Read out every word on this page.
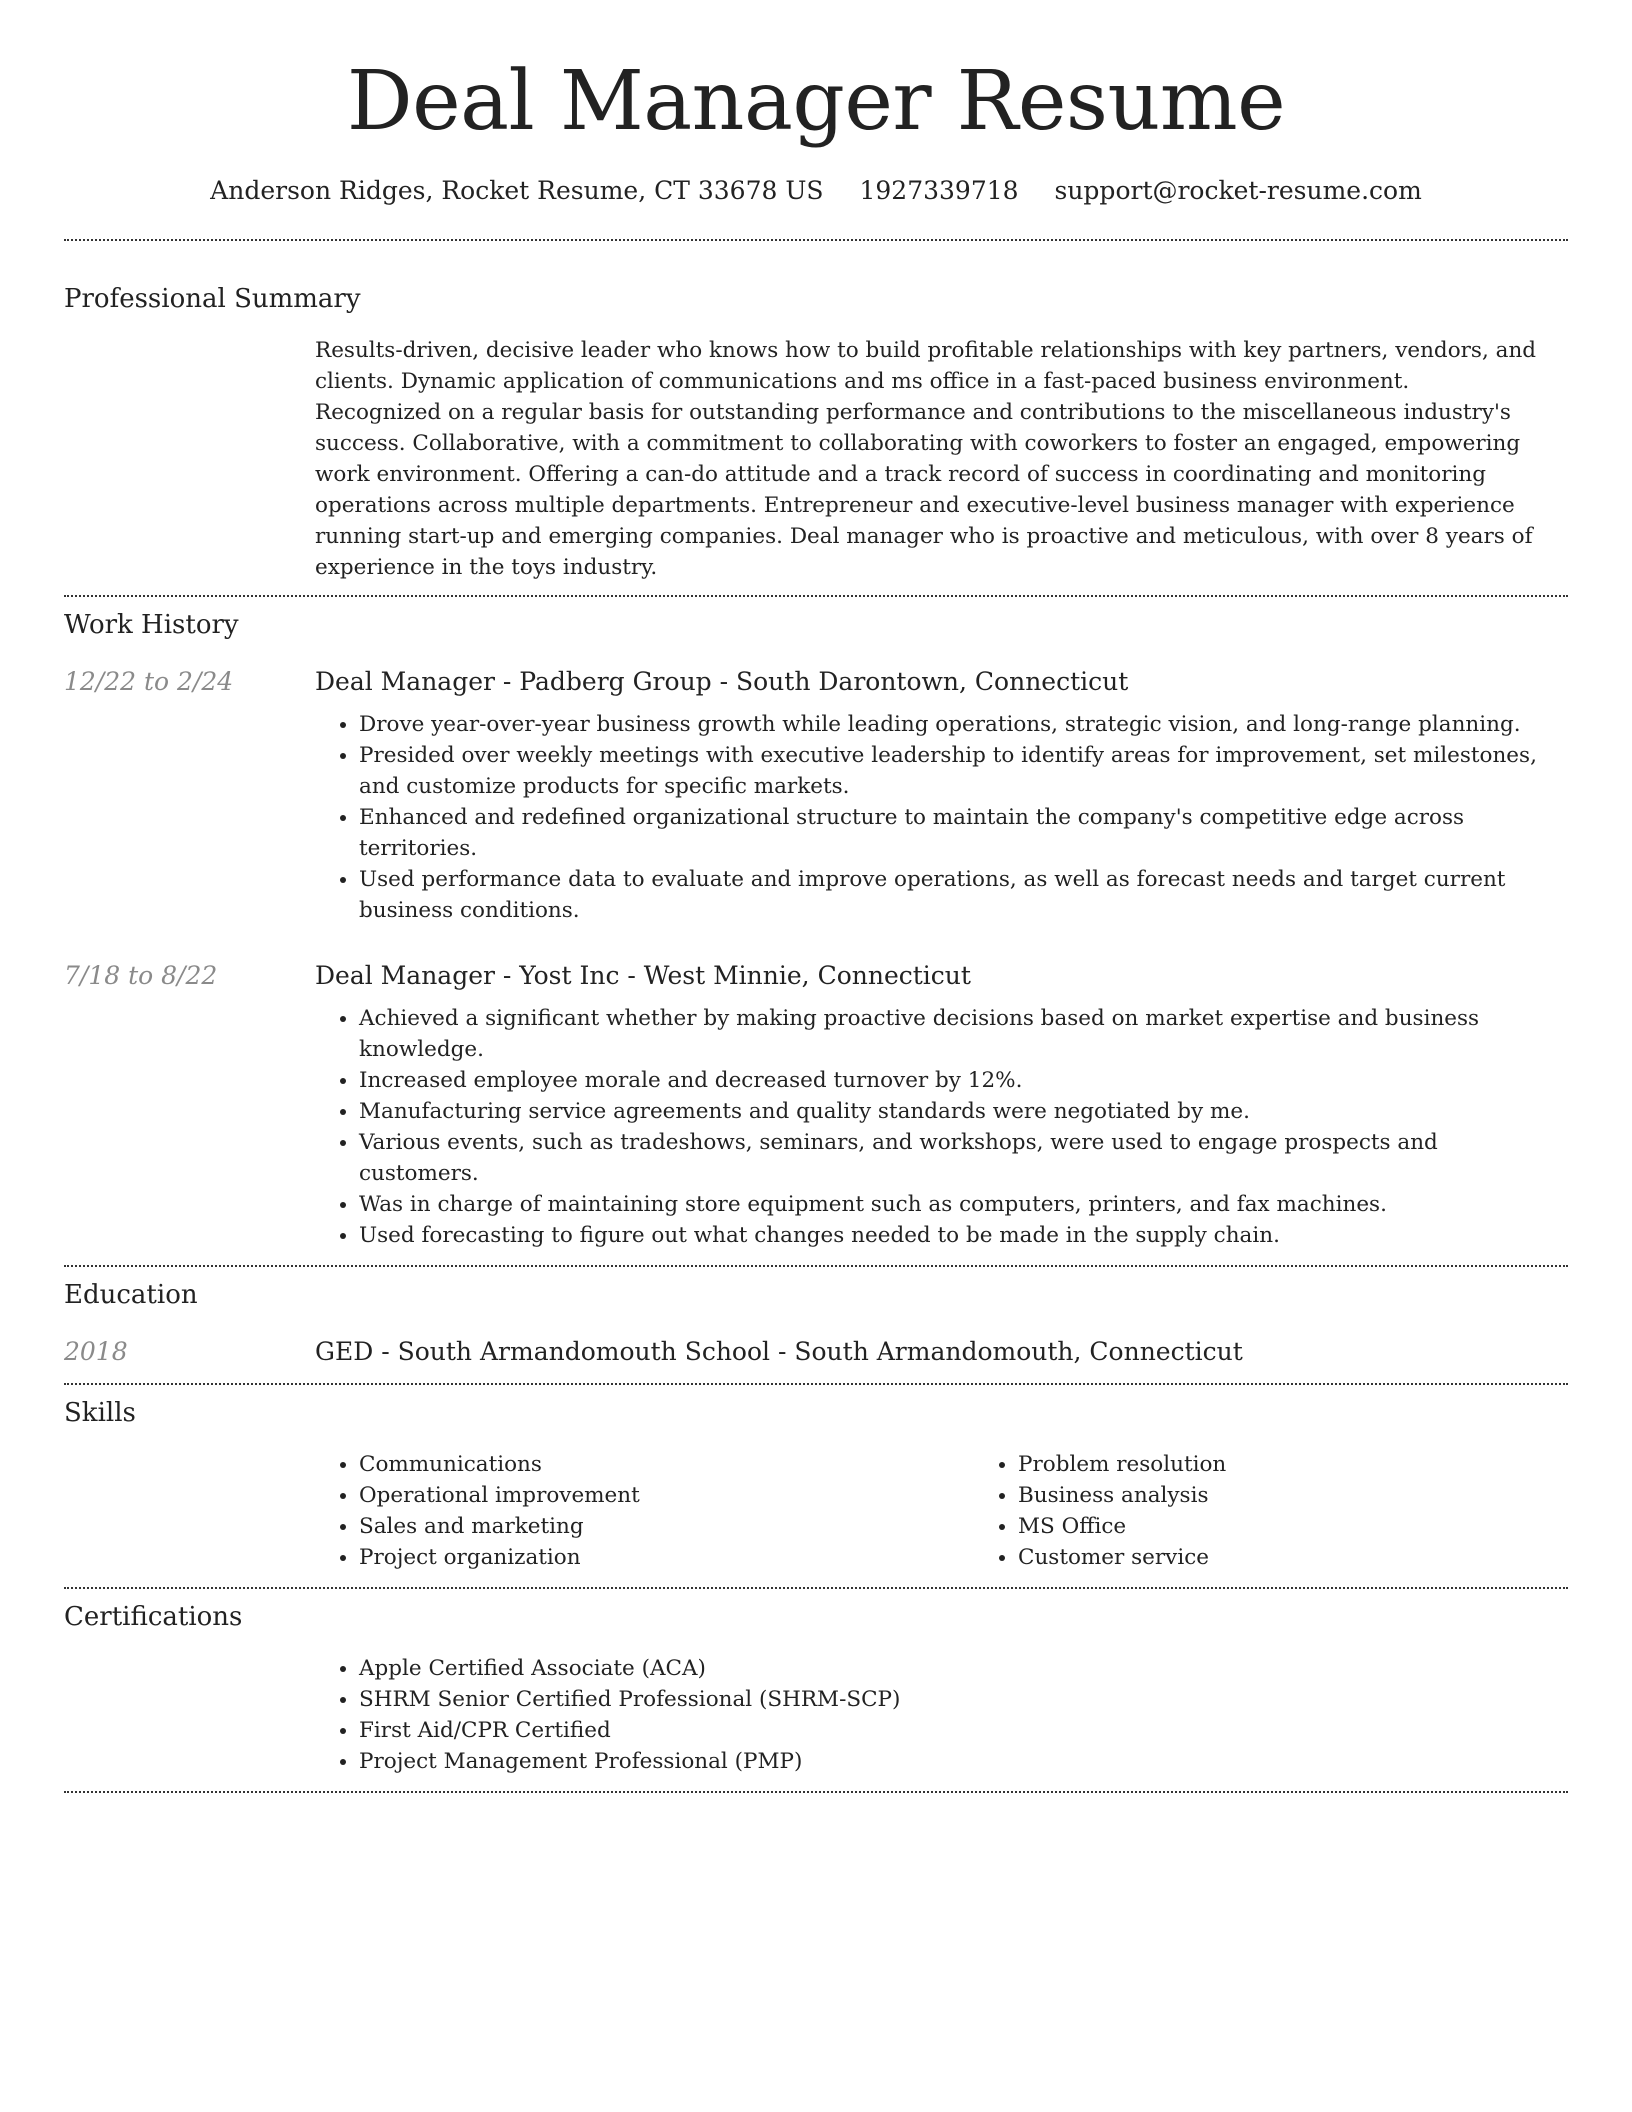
Deal Manager Resume
Anderson Ridges, Rocket Resume, CT 33678 US 1927339718 support@rocket-resume.com
Professional Summary

Results-driven, decisive leader who knows how to build profitable relationships with key partners, vendors, and clients. Dynamic application of communications and ms office in a fast-paced business environment. Recognized on a regular basis for outstanding performance and contributions to the miscellaneous industry's success. Collaborative, with a commitment to collaborating with coworkers to foster an engaged, empowering work environment. Offering a can-do attitude and a track record of success in coordinating and monitoring operations across multiple departments. Entrepreneur and executive-level business manager with experience running start-up and emerging companies. Deal manager who is proactive and meticulous, with over 8 years of experience in the toys industry.

Work History
12/22 to 2/24	Deal Manager - Padberg Group - South Darontown, Connecticut

• Drove year-over-year business growth while leading operations, strategic vision, and long-range planning.
• Presided over weekly meetings with executive leadership to identify areas for improvement, set milestones, and customize products for specific markets.
• Enhanced and redefined organizational structure to maintain the company's competitive edge across territories.
• Used performance data to evaluate and improve operations, as well as forecast needs and target current business conditions.
7/18 to 8/22	Deal Manager - Yost Inc - West Minnie, Connecticut

• Achieved a significant whether by making proactive decisions based on market expertise and business knowledge.
• Increased employee morale and decreased turnover by 12%.
• Manufacturing service agreements and quality standards were negotiated by me.
• Various events, such as tradeshows, seminars, and workshops, were used to engage prospects and customers.
• Was in charge of maintaining store equipment such as computers, printers, and fax machines.
• Used forecasting to figure out what changes needed to be made in the supply chain.
Education
2018	GED - South Armandomouth School - South Armandomouth, Connecticut

Skills
• Communications
• Operational improvement
• Sales and marketing
• Project organization
• Problem resolution
• Business analysis
• MS Office
• Customer service
Certifications
• Apple Certified Associate (ACA)
• SHRM Senior Certified Professional (SHRM-SCP)
• First Aid/CPR Certified
• Project Management Professional (PMP)
